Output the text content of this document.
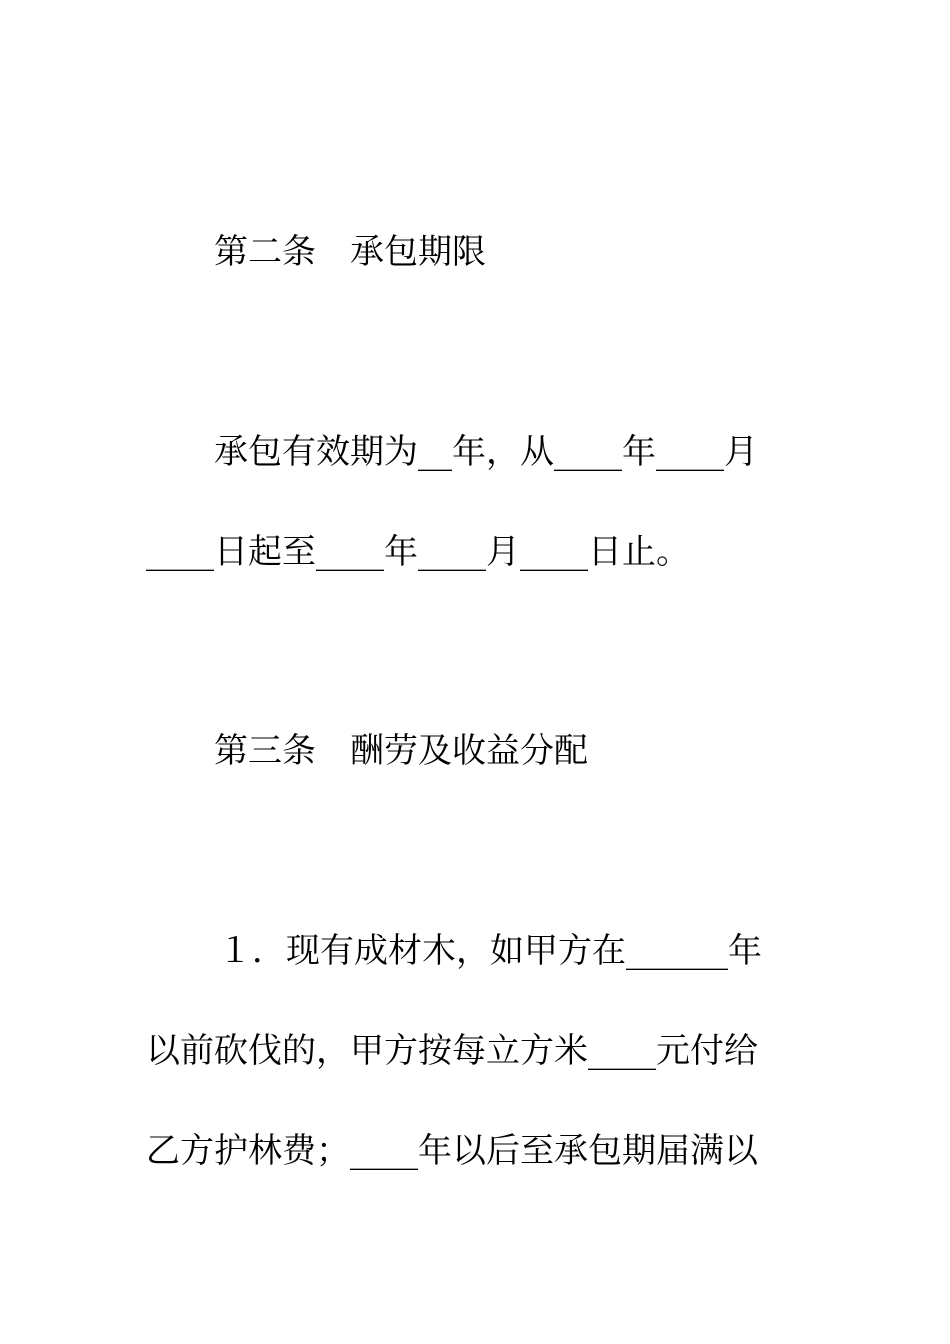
第二条　承包期限
承包有效期为__年，从____年____月
____日起至____年____月____日止。
第三条　酬劳及收益分配
１．现有成材木，如甲方在______年
以前砍伐的，甲方按每立方米____元付给
乙方护林费；____年以后至承包期届满以
